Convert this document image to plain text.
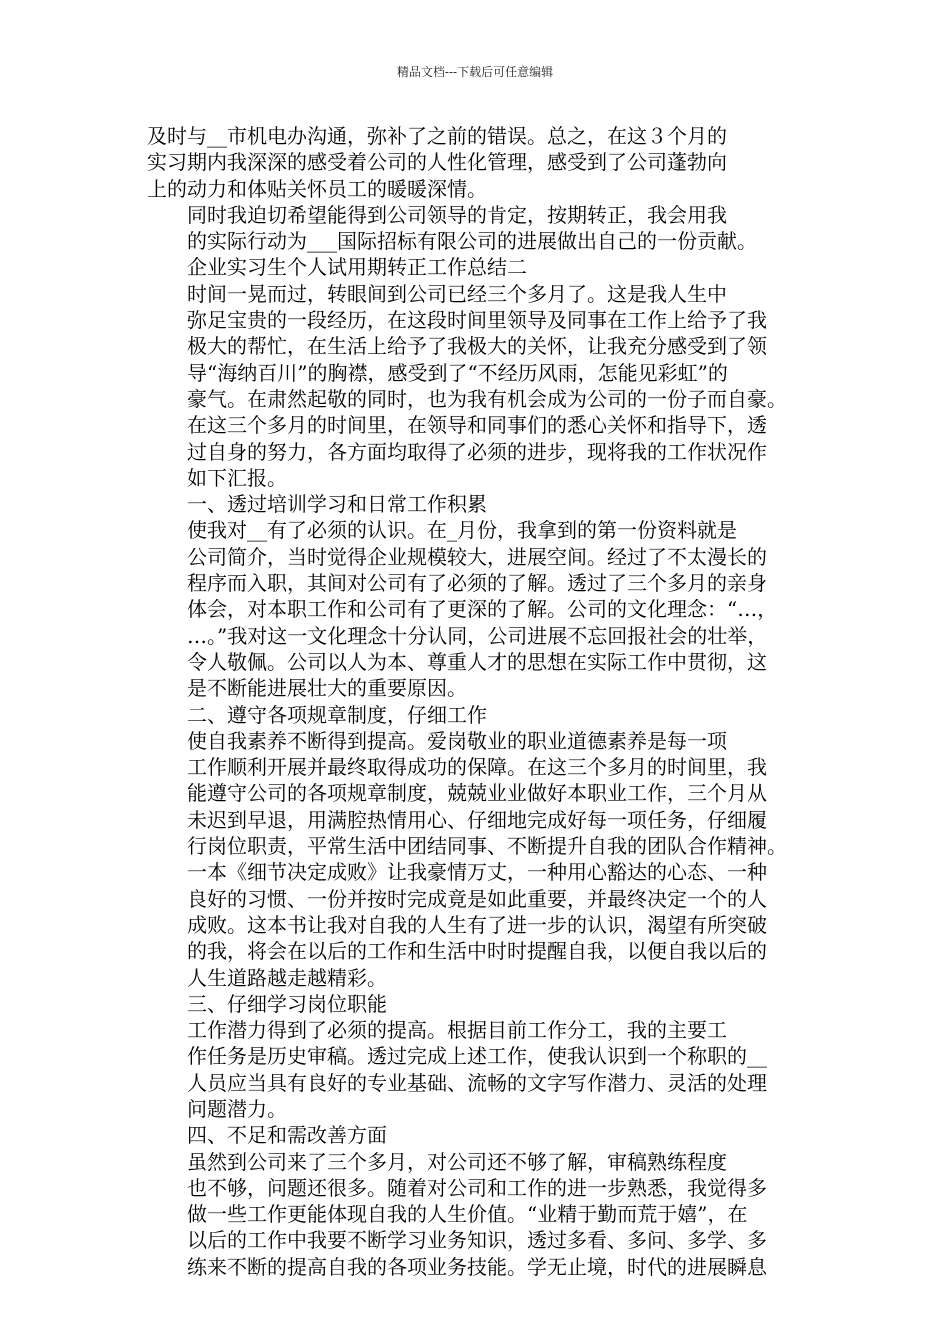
精品文档---下载后可任意编辑

及时与__市机电办沟通，弥补了之前的错误。总之，在这３个月的
实习期内我深深的感受着公司的人性化管理，感受到了公司蓬勃向
上的动力和体贴关怀员工的暖暖深情。

同时我迫切希望能得到公司领导的肯定，按期转正，我会用我
的实际行动为___国际招标有限公司的进展做出自己的一份贡献。

企业实习生个人试用期转正工作总结二

时间一晃而过，转眼间到公司已经三个多月了。这是我人生中
弥足宝贵的一段经历，在这段时间里领导及同事在工作上给予了我
极大的帮忙，在生活上给予了我极大的关怀，让我充分感受到了领
导“海纳百川”的胸襟，感受到了“不经历风雨，怎能见彩虹”的
豪气。在肃然起敬的同时，也为我有机会成为公司的一份子而自豪。
在这三个多月的时间里，在领导和同事们的悉心关怀和指导下，透
过自身的努力，各方面均取得了必须的进步，现将我的工作状况作
如下汇报。

一、透过培训学习和日常工作积累

使我对__有了必须的认识。在_月份，我拿到的第一份资料就是
公司简介，当时觉得企业规模较大，进展空间。经过了不太漫长的
程序而入职，其间对公司有了必须的了解。透过了三个多月的亲身
体会，对本职工作和公司有了更深的了解。公司的文化理念：“…，
…。”我对这一文化理念十分认同，公司进展不忘回报社会的壮举，
令人敬佩。公司以人为本、尊重人才的思想在实际工作中贯彻，这
是不断能进展壮大的重要原因。

二、遵守各项规章制度，仔细工作

使自我素养不断得到提高。爱岗敬业的职业道德素养是每一项
工作顺利开展并最终取得成功的保障。在这三个多月的时间里，我
能遵守公司的各项规章制度，兢兢业业做好本职业工作，三个月从
未迟到早退，用满腔热情用心、仔细地完成好每一项任务，仔细履
行岗位职责，平常生活中团结同事、不断提升自我的团队合作精神。
一本《细节决定成败》让我豪情万丈，一种用心豁达的心态、一种
良好的习惯、一份并按时完成竟是如此重要，并最终决定一个的人
成败。这本书让我对自我的人生有了进一步的认识，渴望有所突破
的我，将会在以后的工作和生活中时时提醒自我，以便自我以后的
人生道路越走越精彩。

三、仔细学习岗位职能

工作潜力得到了必须的提高。根据目前工作分工，我的主要工
作任务是历史审稿。透过完成上述工作，使我认识到一个称职的__
人员应当具有良好的专业基础、流畅的文字写作潜力、灵活的处理
问题潜力。

四、不足和需改善方面

虽然到公司来了三个多月，对公司还不够了解，审稿熟练程度
也不够，问题还很多。随着对公司和工作的进一步熟悉，我觉得多
做一些工作更能体现自我的人生价值。“业精于勤而荒于嬉”，在
以后的工作中我要不断学习业务知识，透过多看、多问、多学、多
练来不断的提高自我的各项业务技能。学无止境，时代的进展瞬息
